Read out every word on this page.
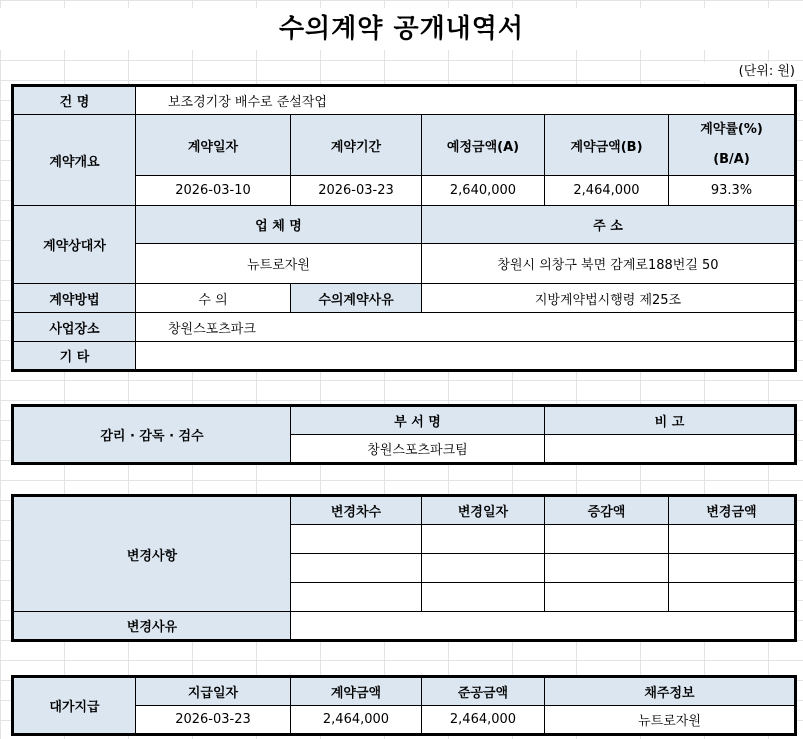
수의계약 공개내역서
(단위: 원)
건 명	보조경기장 배수로 준설작업				
계약개요	계약일자	계약기간	예정금액(A)	계약금액(B)	계약률(%)
(B/A)
	2026-03-10	2026-03-23	2,640,000	2,464,000	93.3%
계약상대자	업 체 명		주 소		
	뉴트로자원		창원시 의창구 북면 감계로188번길 50		
계약방법	수 의	수의계약사유	지방계약법시행령 제25조		
사업장소	창원스포츠파크				
기 타					
감리 · 감독 · 검수	부 서 명	비 고
	창원스포츠파크팀	
변경사항	변경차수	변경일자	증감액	변경금액

변경사유				
대가지급	지급일자	계약금액	준공금액	채주정보
	2026-03-23	2,464,000	2,464,000	뉴트로자원
